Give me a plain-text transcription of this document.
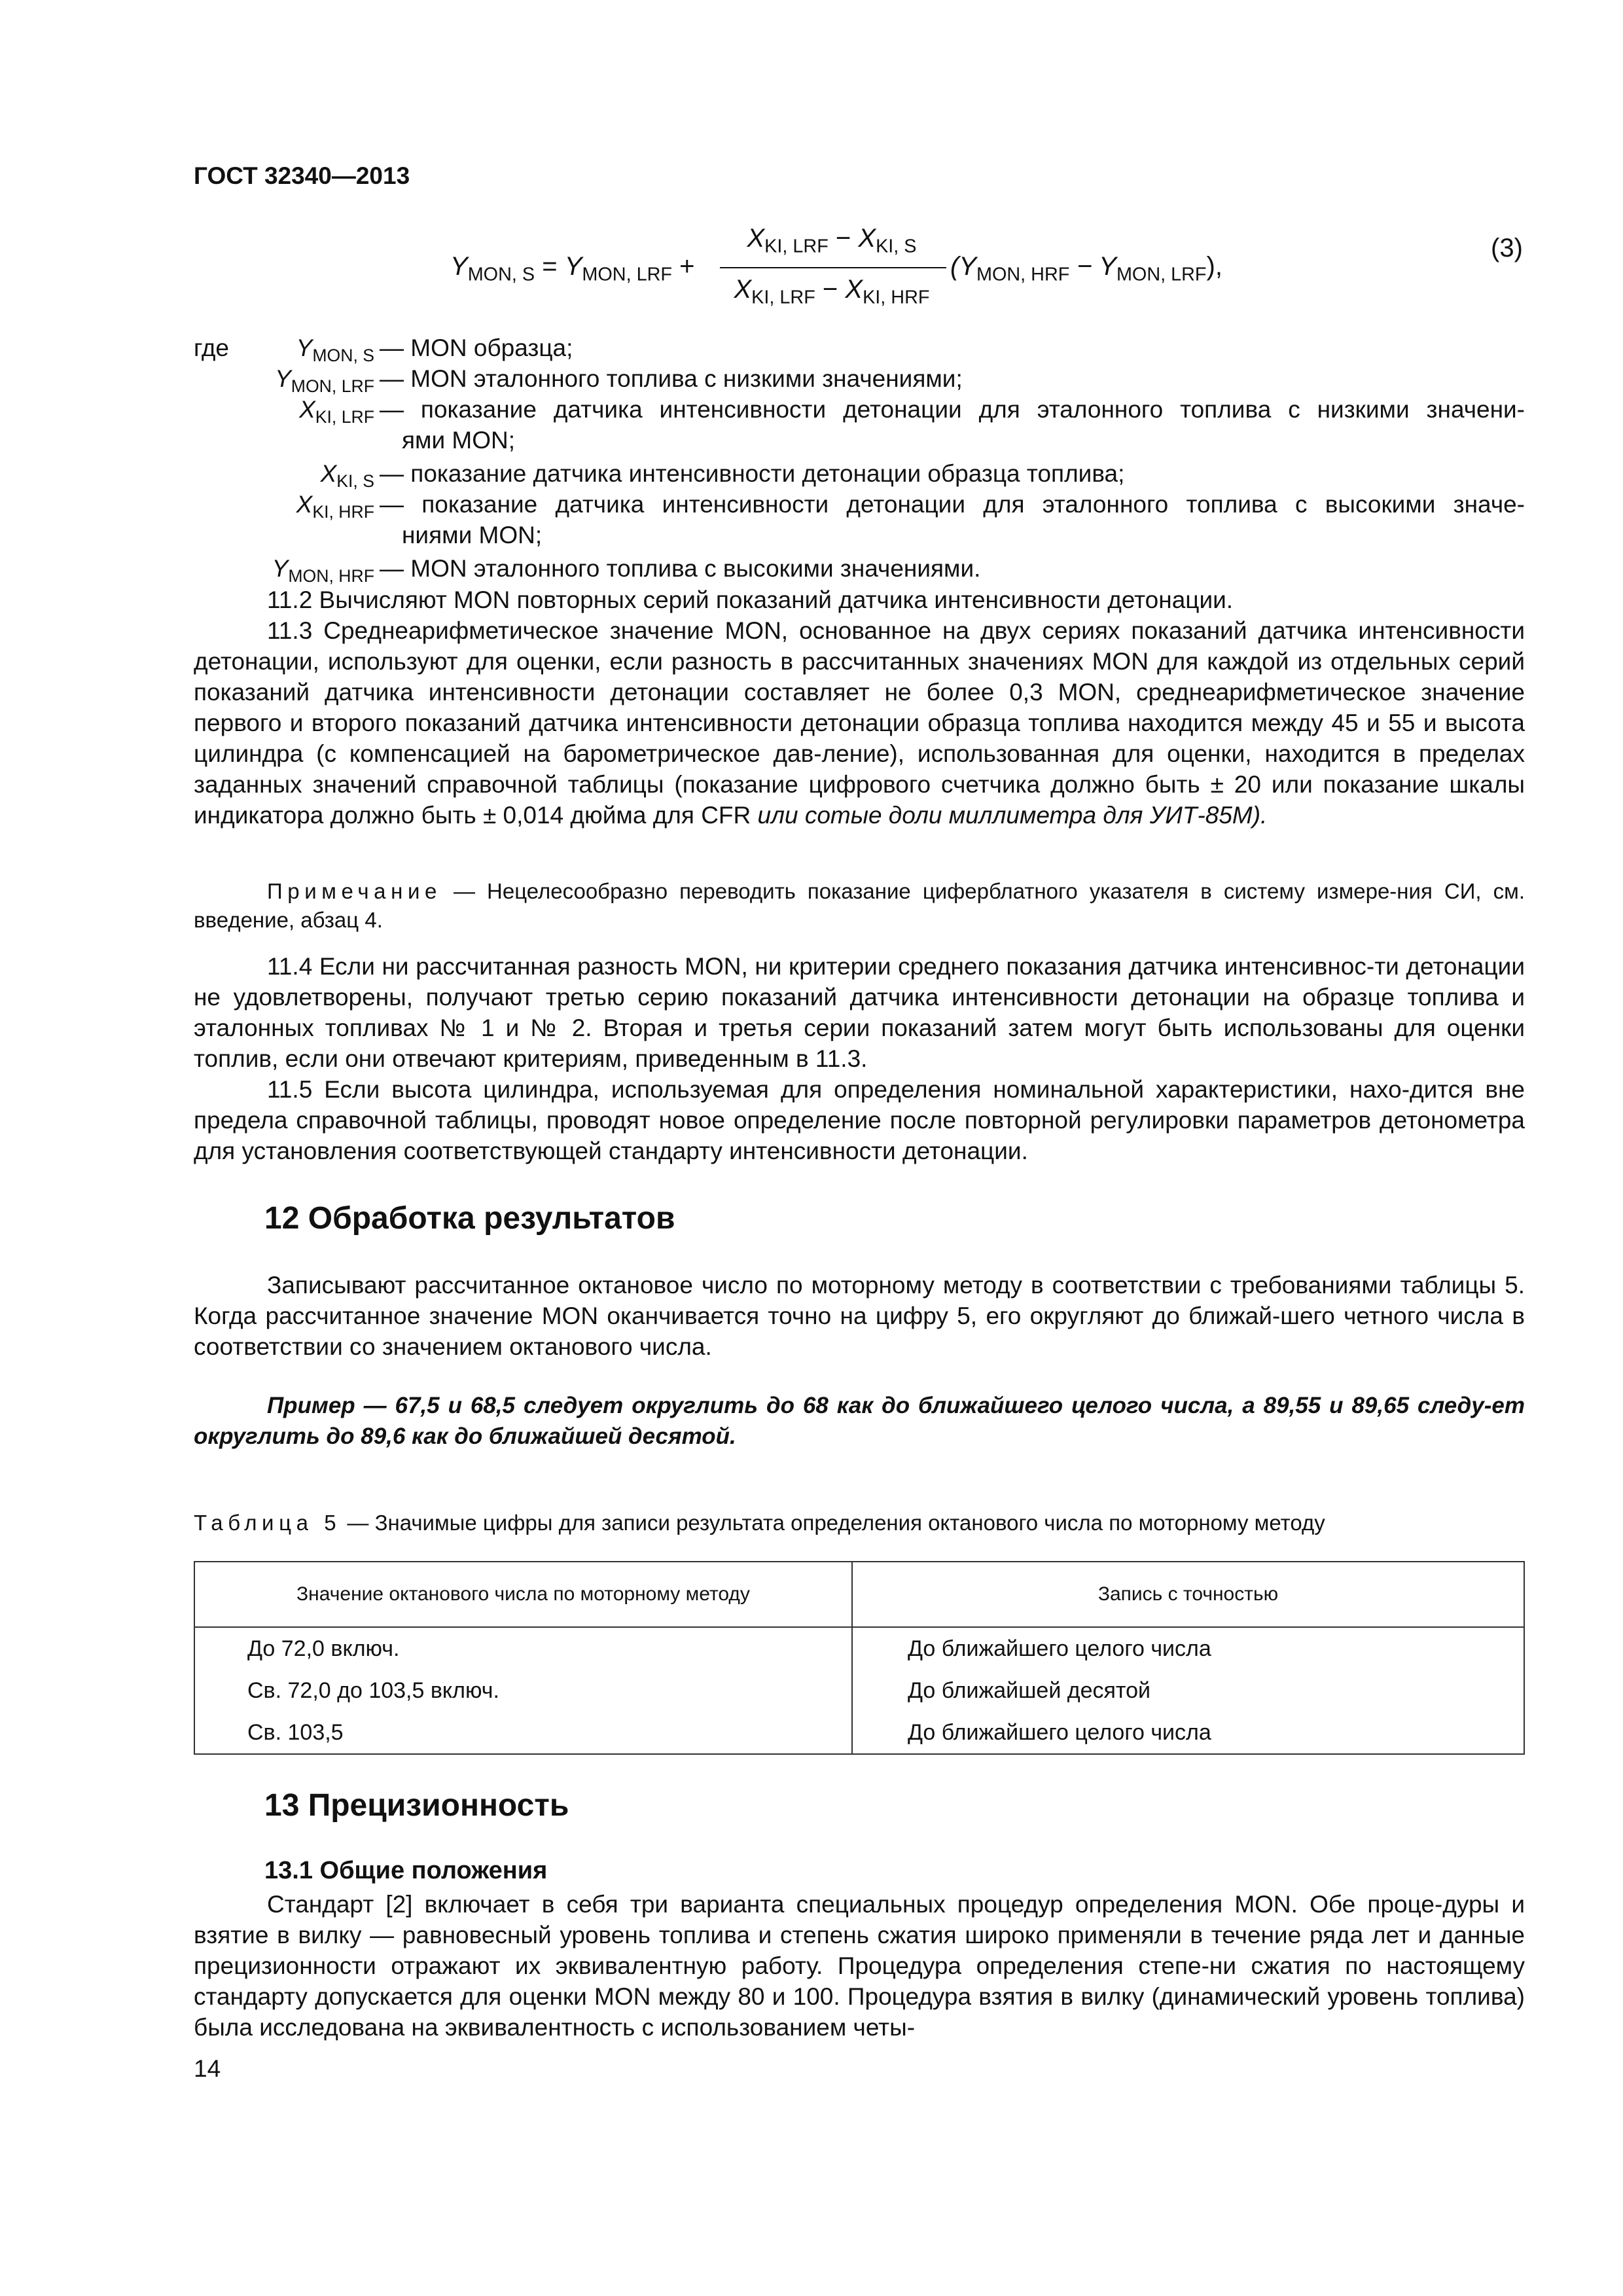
ГОСТ 32340—2013
$Y_{MON, S} = Y_{MON, LRF}$ +
$X_{KI, LRF} - X_{KI, S}$
$X_{KI, LRF} - X_{KI, HRF}$
$(Y_{MON, HRF} - Y_{MON, LRF})$,
(3)
где	$Y_{MON, S}$ — MON образца;
$Y_{MON, LRF}$ — MON эталонного топлива с низкими значениями;
$X_{KI, LRF}$ — показание датчика интенсивности детонации для эталонного топлива с низкими значени-
ями MON;
$X_{KI, S}$ — показание датчика интенсивности детонации образца топлива;
$X_{KI, HRF}$ — показание датчика интенсивности детонации для эталонного топлива с высокими значе-
ниями MON;
$Y_{MON, HRF}$ — MON эталонного топлива с высокими значениями.
11.2 Вычисляют MON повторных серий показаний датчика интенсивности детонации.
11.3 Среднеарифметическое значение MON, основанное на двух сериях показаний датчика интенсивности детонации, используют для оценки, если разность в рассчитанных значениях MON для каждой из отдельных серий показаний датчика интенсивности детонации составляет не более 0,3 MON, среднеарифметическое значение первого и второго показаний датчика интенсивности детонации образца топлива находится между 45 и 55 и высота цилиндра (с компенсацией на барометрическое дав-ление), использованная для оценки, находится в пределах заданных значений справочной таблицы (показание цифрового счетчика должно быть ± 20 или показание шкалы индикатора должно быть ± 0,014 дюйма для CFR или сотые доли миллиметра для УИТ-85М).
Примечание — Нецелесообразно переводить показание циферблатного указателя в систему измере-ния СИ, см. введение, абзац 4.
11.4 Если ни рассчитанная разность MON, ни критерии среднего показания датчика интенсивнос-ти детонации не удовлетворены, получают третью серию показаний датчика интенсивности детонации на образце топлива и эталонных топливах № 1 и № 2. Вторая и третья серии показаний затем могут быть использованы для оценки топлив, если они отвечают критериям, приведенным в 11.3.
11.5 Если высота цилиндра, используемая для определения номинальной характеристики, нахо-дится вне предела справочной таблицы, проводят новое определение после повторной регулировки параметров детонометра для установления соответствующей стандарту интенсивности детонации.
12 Обработка результатов
Записывают рассчитанное октановое число по моторному методу в соответствии с требованиями таблицы 5. Когда рассчитанное значение MON оканчивается точно на цифру 5, его округляют до ближай-шего четного числа в соответствии со значением октанового числа.
Пример — 67,5 и 68,5 следует округлить до 68 как до ближайшего целого числа, а 89,55 и 89,65 следу-ет округлить до 89,6 как до ближайшей десятой.
Таблица 5 — Значимые цифры для записи результата определения октанового числа по моторному методу
Значение октанового числа по моторному методу	Запись с точностью
До 72,0 включ.	До ближайшего целого числа
Св. 72,0 до 103,5 включ.	До ближайшей десятой
Св. 103,5	До ближайшего целого числа
13 Прецизионность
13.1 Общие положения
Стандарт [2] включает в себя три варианта специальных процедур определения MON. Обе проце-дуры и взятие в вилку — равновесный уровень топлива и степень сжатия широко применяли в течение ряда лет и данные прецизионности отражают их эквивалентную работу. Процедура определения степе-ни сжатия по настоящему стандарту допускается для оценки MON между 80 и 100. Процедура взятия в вилку (динамический уровень топлива) была исследована на эквивалентность с использованием четы-
14
